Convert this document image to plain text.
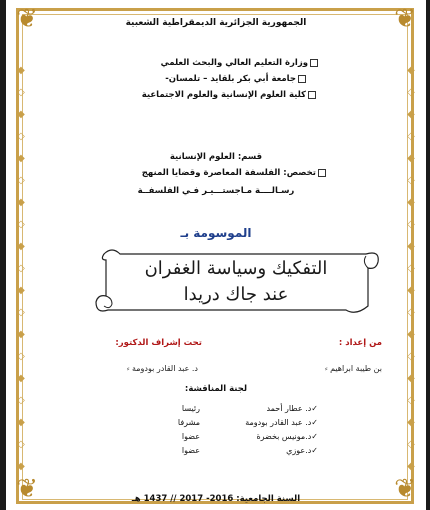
❦	❦
❦	❦
◆
◇
◆
◇
◆
◇
◆
◇
◆
◇
◆
◇
◆
◇
◆
◇
◆
◇
◆
◆
◇
◆
◇
◆
◇
◆
◇
◆
◇
◆
◇
◆
◇
◆
◇
◆
◇
◆
الجمهورية الجزائرية الديمقراطية الشعبية
وزارة التعليم العالي والبحث العلمي
جامعة أبي بكر بلقايد – تلمسان-
كلية العلوم الإنسانية والعلوم الاجتماعية
قسم: العلوم الإنسانية
تخصص: الفلسفة المعاصرة وقضايا المنهج
رسـالــــة مـاجستـــيـر فـي الفلسفــة
الموسومة بـ
التفكيك وسياسة الغفران
عند جاك دريدا
من إعداد :
تحت إشراف الدكتور:
بن طيبة ابراهيم ⸗
د. عبد القادر بودومة ⸗
لجنة المناقشة:
✓
د. عطار أحمد
رئيسا
✓
د. عبد القادر بودومة
مشرفا
✓
د.مونيس بخضرة
عضوا
✓
د.عوزي
عضوا
السنة الجامعية: 2016- 2017 // 1437 هـ
